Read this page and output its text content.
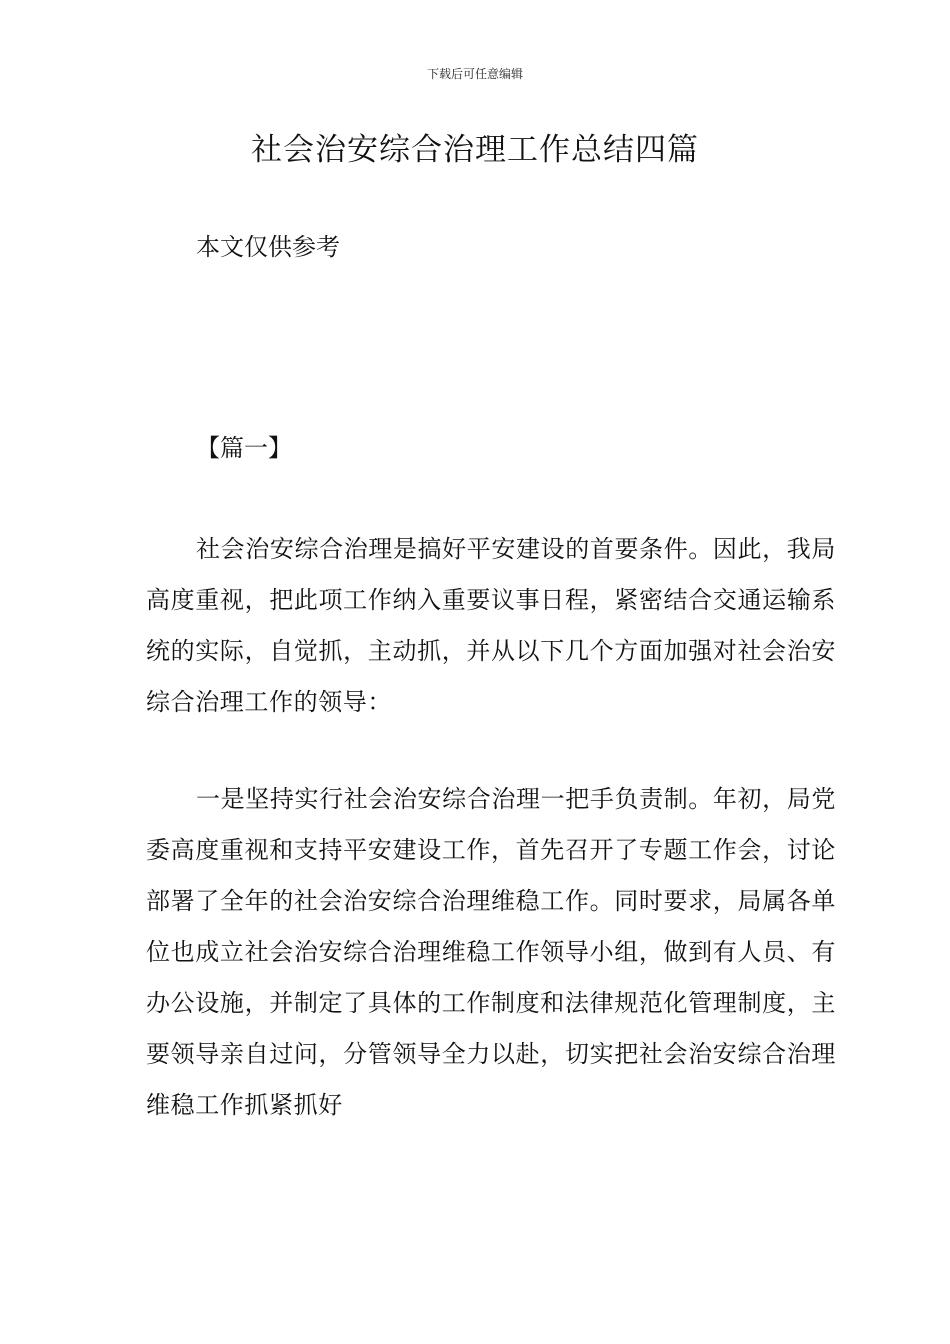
下载后可任意编辑
社会治安综合治理工作总结四篇

本文仅供参考

【篇一】

社会治安综合治理是搞好平安建设的首要条件。因此，我局高度重视，把此项工作纳入重要议事日程，紧密结合交通运输系统的实际，自觉抓，主动抓，并从以下几个方面加强对社会治安综合治理工作的领导：

一是坚持实行社会治安综合治理一把手负责制。年初，局党委高度重视和支持平安建设工作，首先召开了专题工作会，讨论部署了全年的社会治安综合治理维稳工作。同时要求，局属各单位也成立社会治安综合治理维稳工作领导小组，做到有人员、有办公设施，并制定了具体的工作制度和法律规范化管理制度，主要领导亲自过问，分管领导全力以赴，切实把社会治安综合治理维稳工作抓紧抓好
